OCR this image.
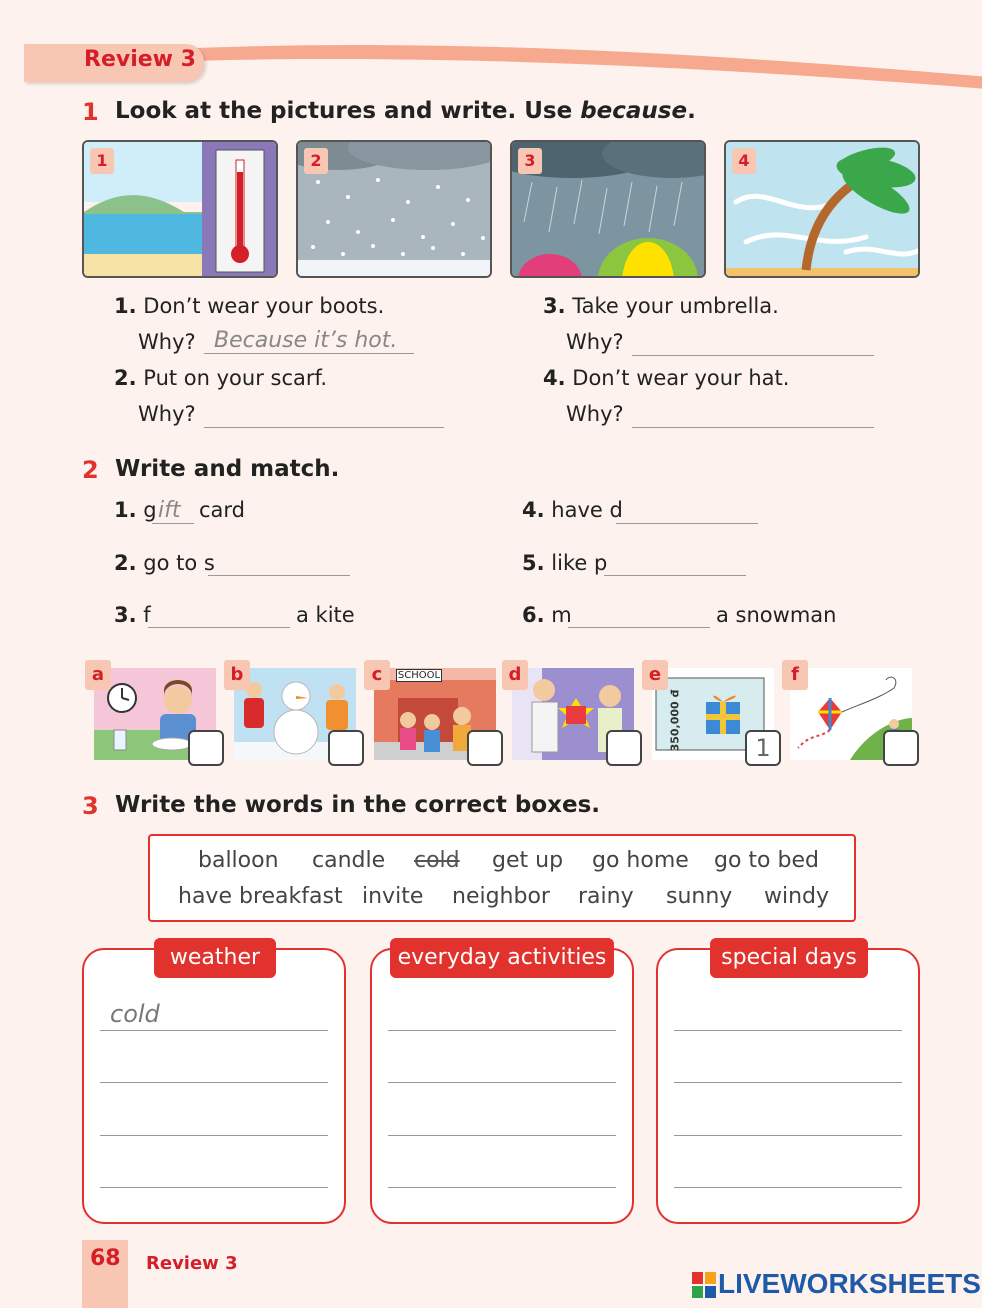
Review 3
1 Look at the pictures and write. Use because.
1	2	3	4
1. Don’t wear your boots.
Why? Because it’s hot.
2. Put on your scarf.
Why?
3. Take your umbrella.
Why?
4. Don’t wear your hat.
Why?
2 Write and match.
1. g ift card
2. go to s
3. f	a kite
4. have d
5. like p
6. m	a snowman
a	b	SCHOOL
c	d
350,000 đ
e
1
f
3 Write the words in the correct boxes.
balloon candle cold get up go home go to bed
have breakfast invite neighbor rainy sunny windy
weather
cold
everyday activities	special days
68 Review 3
LIVEWORKSHEETS
